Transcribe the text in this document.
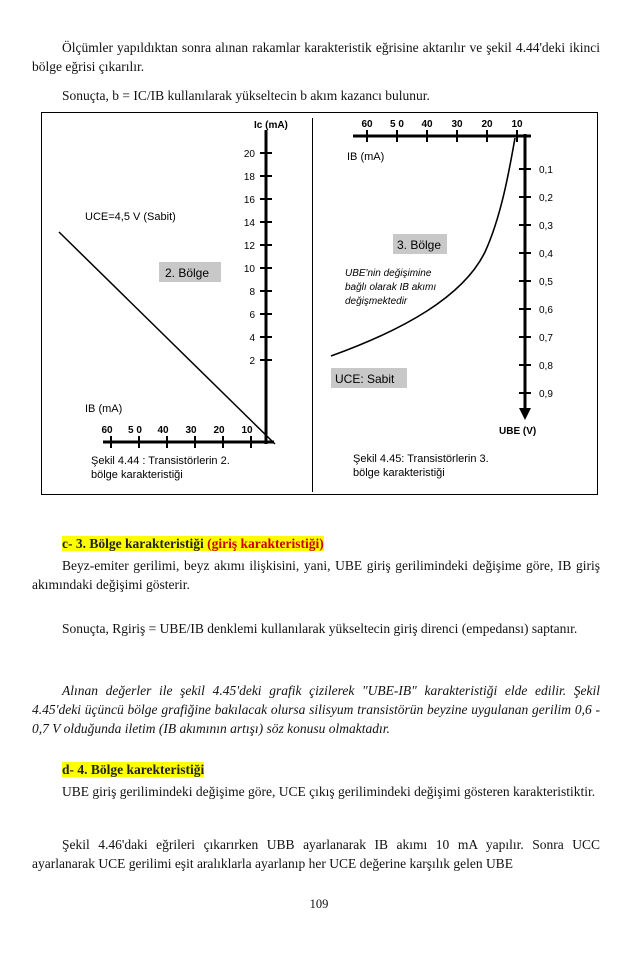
Ölçümler yapıldıktan sonra alınan rakamlar karakteristik eğrisine aktarılır ve şekil 4.44'deki ikinci bölge eğrisi çıkarılır.

Sonuçta, b = IC/IB kullanılarak yükseltecin b akım kazancı bulunur.

Ic (mA)
20
18
16
14
12
10
8
6
4
2
60 5 0 40 30 20 10
UCE=4,5 V (Sabit)
2. Bölge
IB (mA)
Şekil 4.44 : Transistörlerin 2.
bölge karakteristiği
60 5 0 40 30 20 10
0,1
0,2
0,3
0,4
0,5
0,6
0,7
0,8
0,9
IB (mA)
3. Bölge
UBE'nin değişimine
bağlı olarak IB akımı
değişmektedir
UCE: Sabit
UBE (V)
Şekil 4.45: Transistörlerin 3.
bölge karakteristiği
c- 3. Bölge karakteristiği (giriş karakteristiği)

Beyz-emiter gerilimi, beyz akımı ilişkisini, yani, UBE giriş gerilimindeki değişime göre, IB giriş akımındaki değişimi gösterir.

Sonuçta, Rgiriş = UBE/IB denklemi kullanılarak yükseltecin giriş direnci (empedansı) saptanır.

Alınan değerler ile şekil 4.45'deki grafik çizilerek "UBE-IB" karakteristiği elde edilir. Şekil 4.45'deki üçüncü bölge grafiğine bakılacak olursa silisyum transistörün beyzine uygulanan gerilim 0,6 - 0,7 V olduğunda iletim (IB akımının artışı) söz konusu olmaktadır.

d- 4. Bölge karekteristiği

UBE giriş gerilimindeki değişime göre, UCE çıkış gerilimindeki değişimi gösteren karakteristiktir.

Şekil 4.46'daki eğrileri çıkarırken UBB ayarlanarak IB akımı 10 mA yapılır. Sonra UCC ayarlanarak UCE gerilimi eşit aralıklarla ayarlanıp her UCE değerine karşılık gelen UBE

109
